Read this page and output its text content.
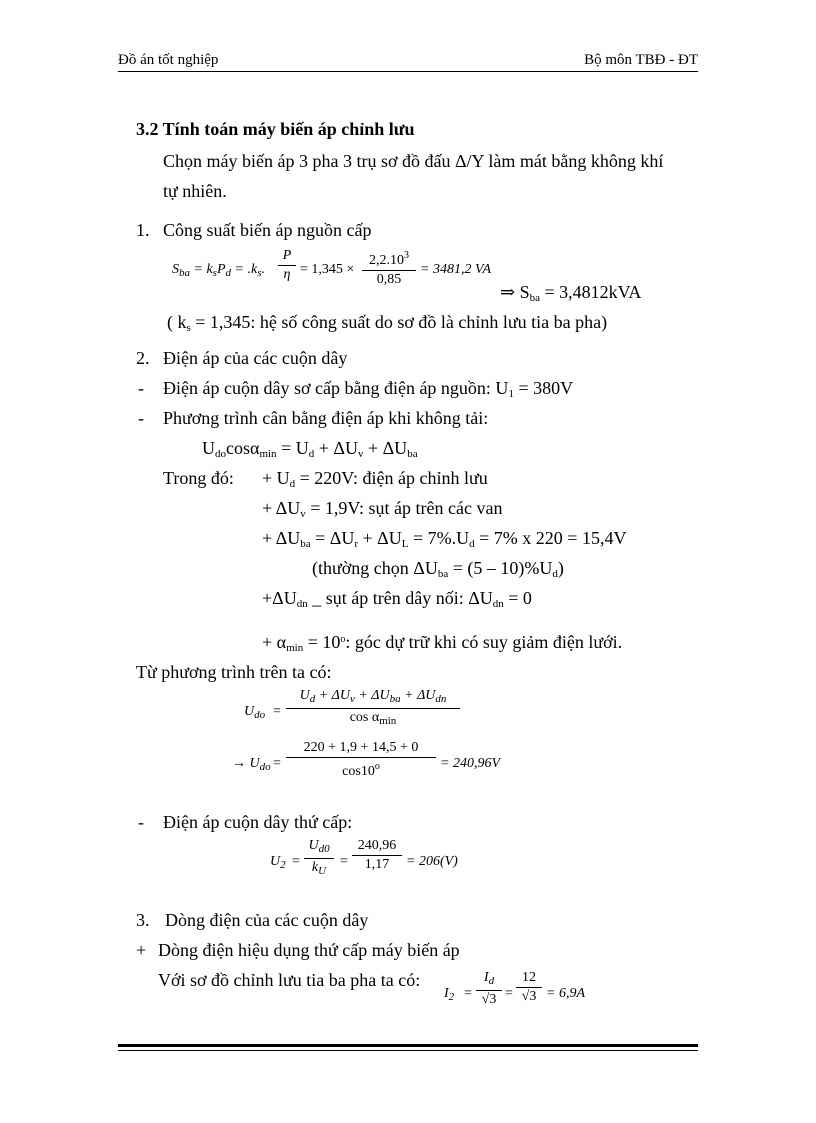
Đồ án tốt nghiệp	Bộ môn TBĐ - ĐT
3.2 Tính toán máy biến áp chỉnh lưu
Chọn máy biến áp 3 pha 3 trụ sơ đồ đấu Δ/Y làm mát bằng không khí
tự nhiên.
1. Công suất biến áp nguồn cấp
$S_{ba} = k_sP_d = .k_s$.
P
η = 1,345 ×
$2,2.10^3$
0,85
= 3481,2 VA
⇒ $S_{ba} = 3,4812kVA$
( $k_s = 1,345$: hệ số công suất do sơ đồ là chỉnh lưu tia ba pha)
2. Điện áp của các cuộn dây
- Điện áp cuộn dây sơ cấp bằng điện áp nguồn: $U_1 = 380V$
- Phương trình cân bằng điện áp khi không tải:
$U_{do}\cos\alpha_{min} = U_d + \Delta U_v + \Delta U_{ba}$
Trong đó: + $U_d = 220V$: điện áp chỉnh lưu
+ $\Delta U_v = 1,9V$: sụt áp trên các van
+ $\Delta U_{ba} = \Delta U_r + \Delta U_L = 7\%.U_d = 7\%$ x 220 = 15,4V
(thường chọn $\Delta U_{ba} = (5 - 10)\%U_d$)
$+\Delta U_{dn}$ _ sụt áp trên dây nối: $\Delta U_{dn} = 0$
+ $\alpha_{min} = 10^o$: góc dự trữ khi có suy giảm điện lưới.
Từ phương trình trên ta có:
$U_{do}$ =
$U_d + \Delta U_v + \Delta U_{ba} + \Delta U_{dn}$
$\cos \alpha_{min}$
→ $U_{do}$ =
220 + 1,9 + 14,5 + 0
$\cos 10^o$	= 240,96V
- Điện áp cuộn dây thứ cấp:
$U_2$ =
$U_{d0}$
$k_U$
=
240,96
1,17 = 206(V)
3. Dòng điện của các cuộn dây
+ Dòng điện hiệu dụng thứ cấp máy biến áp
Với sơ đồ chỉnh lưu tia ba pha ta có:
$I_2$ =
$I_d$
√3 =
12
√3 = 6,9A
